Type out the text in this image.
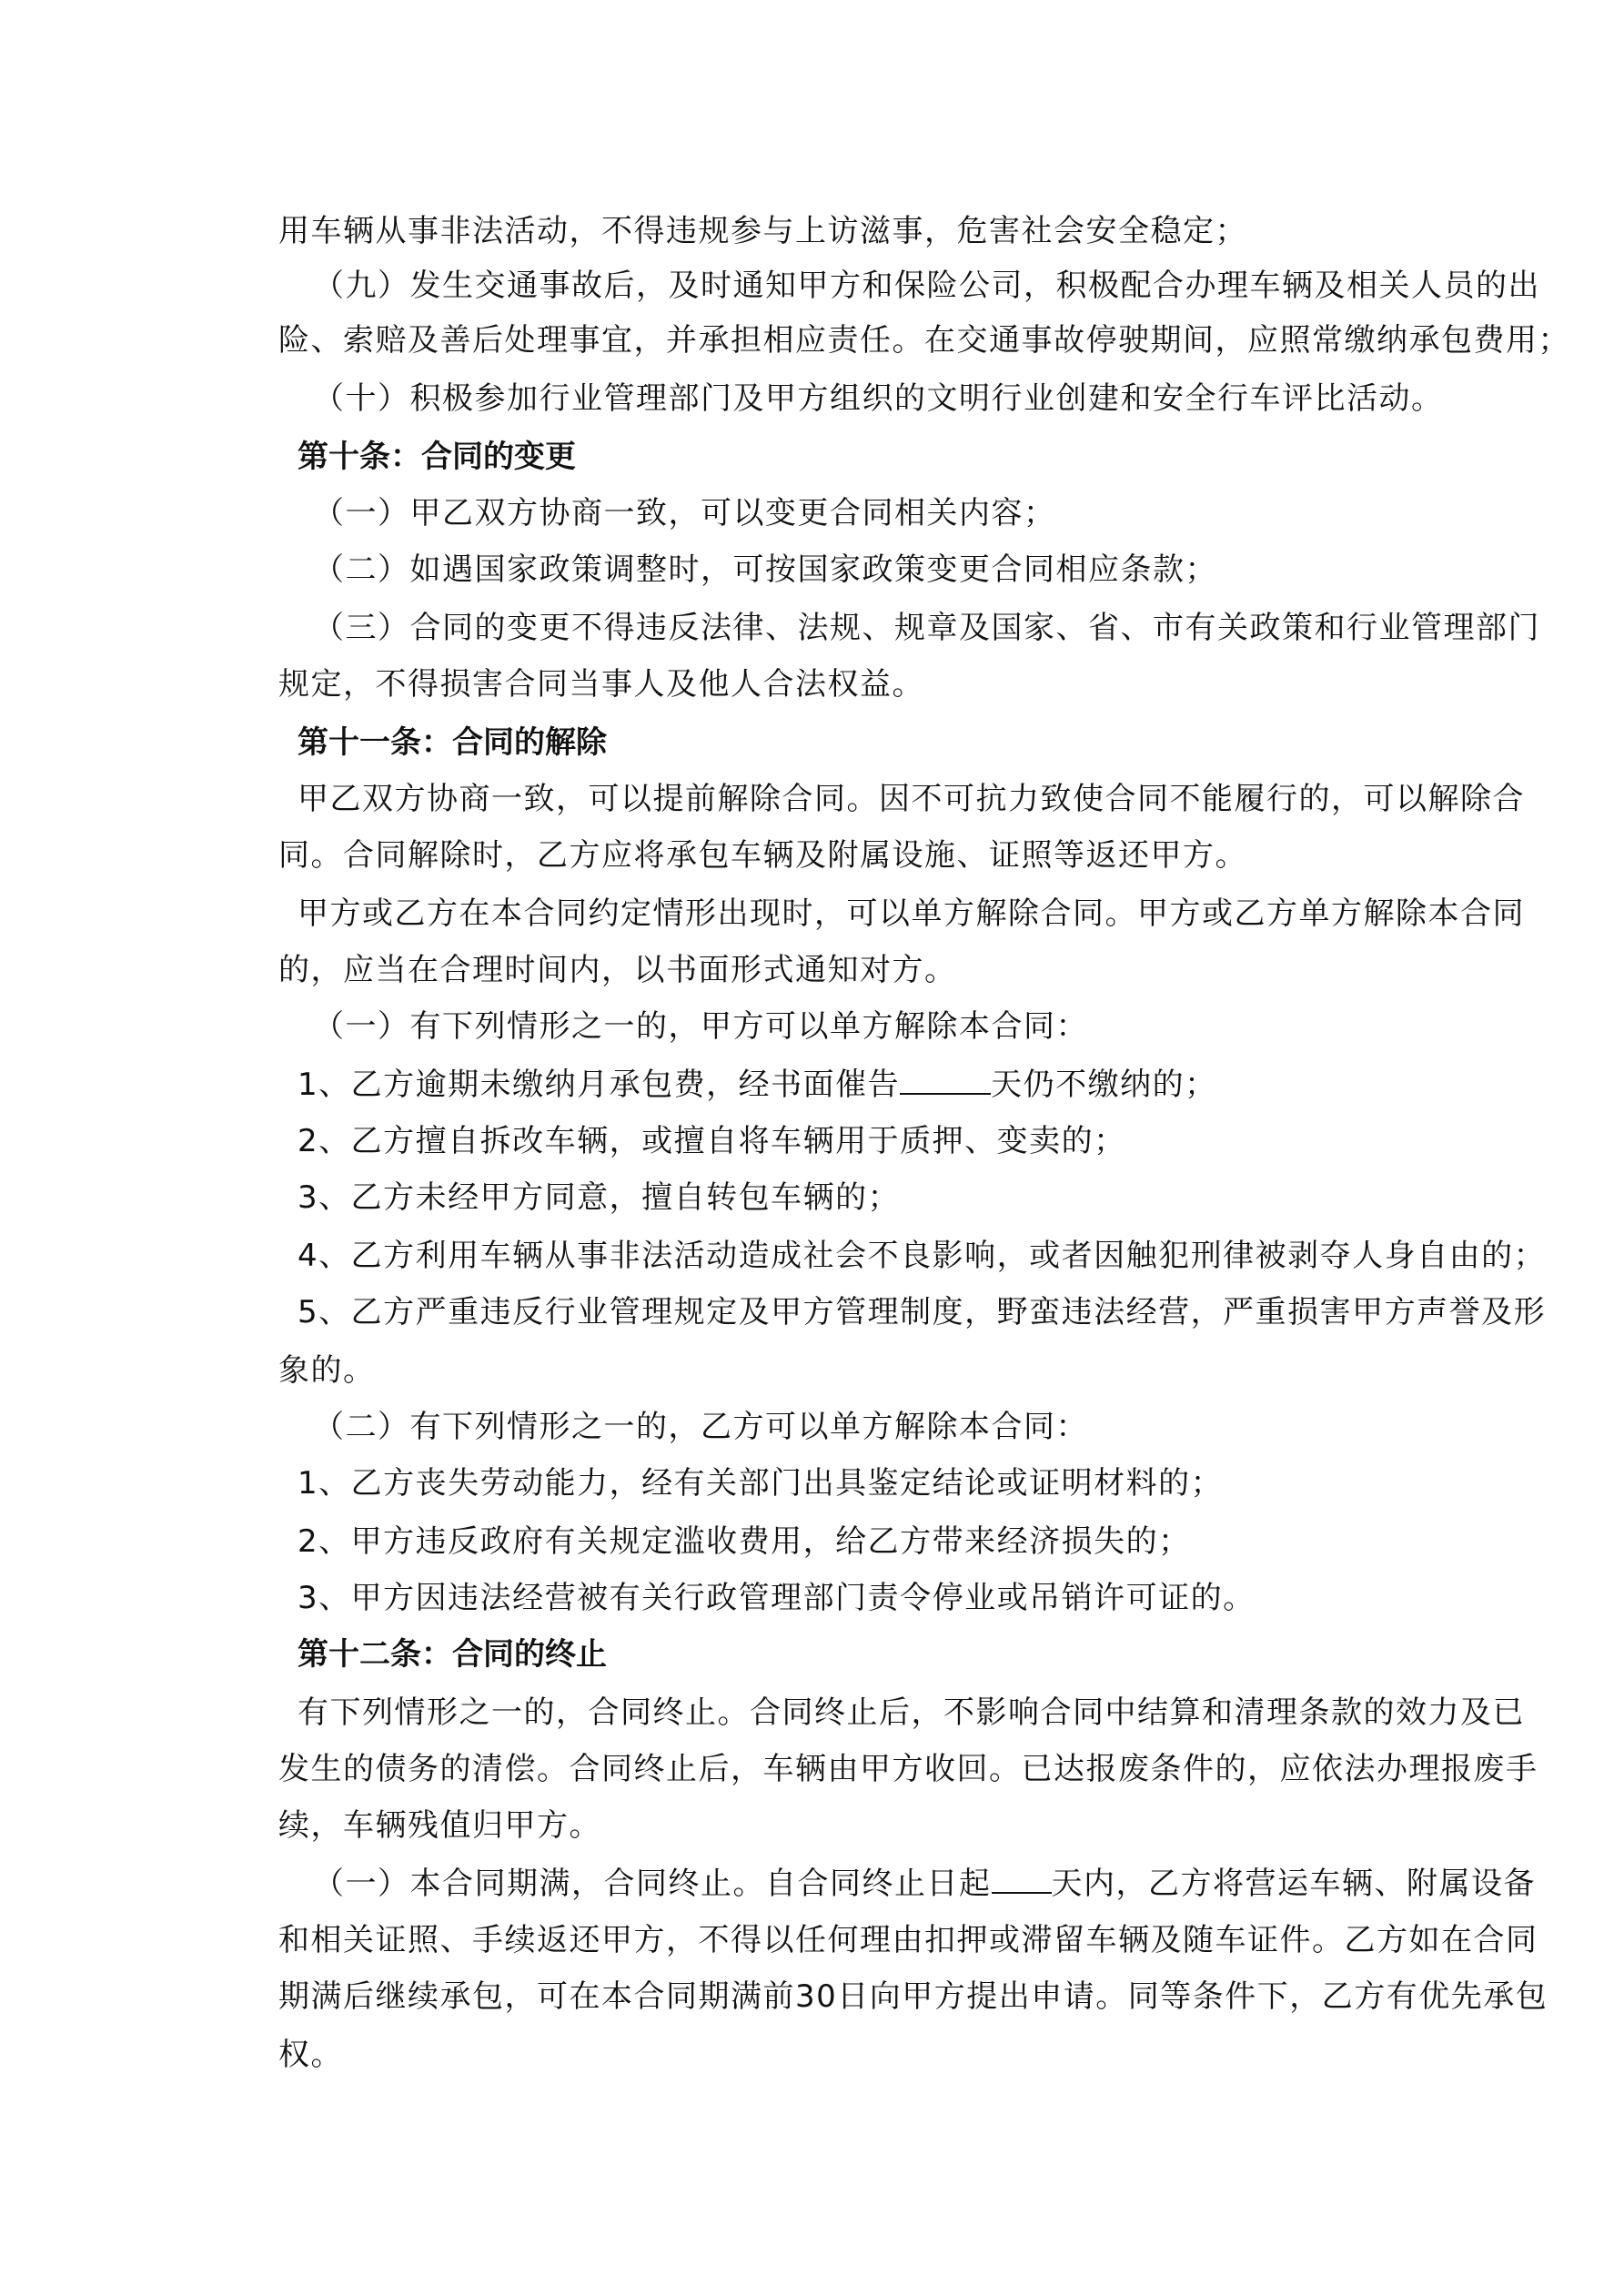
用车辆从事非法活动，不得违规参与上访滋事，危害社会安全稳定；
（九）发生交通事故后，及时通知甲方和保险公司，积极配合办理车辆及相关人员的出
险、索赔及善后处理事宜，并承担相应责任。在交通事故停驶期间，应照常缴纳承包费用；
（十）积极参加行业管理部门及甲方组织的文明行业创建和安全行车评比活动。
第十条：合同的变更
（一）甲乙双方协商一致，可以变更合同相关内容；
（二）如遇国家政策调整时，可按国家政策变更合同相应条款；
（三）合同的变更不得违反法律、法规、规章及国家、省、市有关政策和行业管理部门
规定，不得损害合同当事人及他人合法权益。
第十一条：合同的解除
甲乙双方协商一致，可以提前解除合同。因不可抗力致使合同不能履行的，可以解除合
同。合同解除时，乙方应将承包车辆及附属设施、证照等返还甲方。
甲方或乙方在本合同约定情形出现时，可以单方解除合同。甲方或乙方单方解除本合同
的，应当在合理时间内，以书面形式通知对方。
（一）有下列情形之一的，甲方可以单方解除本合同：
1、乙方逾期未缴纳月承包费，经书面催告	天仍不缴纳的；
2、乙方擅自拆改车辆，或擅自将车辆用于质押、变卖的；
3、乙方未经甲方同意，擅自转包车辆的；
4、乙方利用车辆从事非法活动造成社会不良影响，或者因触犯刑律被剥夺人身自由的；
5、乙方严重违反行业管理规定及甲方管理制度，野蛮违法经营，严重损害甲方声誉及形
象的。
（二）有下列情形之一的，乙方可以单方解除本合同：
1、乙方丧失劳动能力，经有关部门出具鉴定结论或证明材料的；
2、甲方违反政府有关规定滥收费用，给乙方带来经济损失的；
3、甲方因违法经营被有关行政管理部门责令停业或吊销许可证的。
第十二条：合同的终止
有下列情形之一的，合同终止。合同终止后，不影响合同中结算和清理条款的效力及已
发生的债务的清偿。合同终止后，车辆由甲方收回。已达报废条件的，应依法办理报废手
续，车辆残值归甲方。
（一）本合同期满，合同终止。自合同终止日起 天内，乙方将营运车辆、附属设备
和相关证照、手续返还甲方，不得以任何理由扣押或滞留车辆及随车证件。乙方如在合同
期满后继续承包，可在本合同期满前30日向甲方提出申请。同等条件下，乙方有优先承包
权。
